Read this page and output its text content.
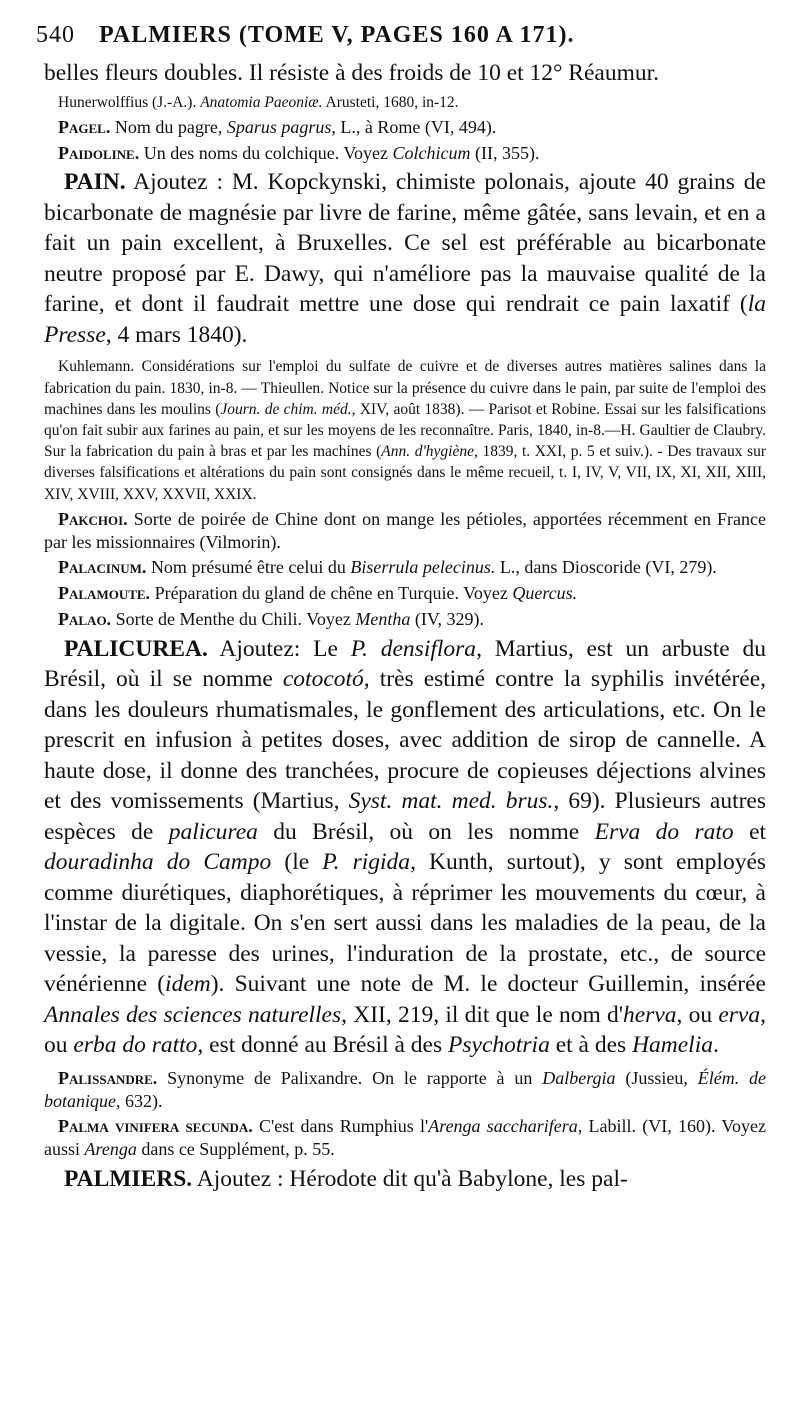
540 PALMIERS (TOME V, PAGES 160 A 171).

belles fleurs doubles. Il résiste à des froids de 10 et 12° Réaumur.

Hunerwolffius (J.-A.). Anatomia Paeoniæ. Arusteti, 1680, in-12.

Pagel. Nom du pagre, Sparus pagrus, L., à Rome (VI, 494).

Paidoline. Un des noms du colchique. Voyez Colchicum (II, 355).

PAIN. Ajoutez : M. Kopckynski, chimiste polonais, ajoute 40 grains de bicarbonate de magnésie par livre de farine, même gâtée, sans levain, et en a fait un pain excellent, à Bruxelles. Ce sel est préférable au bicarbonate neutre proposé par E. Dawy, qui n'améliore pas la mauvaise qualité de la farine, et dont il faudrait mettre une dose qui rendrait ce pain laxatif (la Presse, 4 mars 1840).

Kuhlemann. Considérations sur l'emploi du sulfate de cuivre et de diverses autres matières salines dans la fabrication du pain. 1830, in-8. — Thieullen. Notice sur la présence du cuivre dans le pain, par suite de l'emploi des machines dans les moulins (Journ. de chim. méd., XIV, août 1838). — Parisot et Robine. Essai sur les falsifications qu'on fait subir aux farines au pain, et sur les moyens de les reconnaître. Paris, 1840, in-8.—H. Gaultier de Claubry. Sur la fabrication du pain à bras et par les machines (Ann. d'hygiène, 1839, t. XXI, p. 5 et suiv.). - Des travaux sur diverses falsifications et altérations du pain sont consignés dans le même recueil, t. I, IV, V, VII, IX, XI, XII, XIII, XIV, XVIII, XXV, XXVII, XXIX.

Pakchoi. Sorte de poirée de Chine dont on mange les pétioles, apportées récemment en France par les missionnaires (Vilmorin).

Palacinum. Nom présumé être celui du Biserrula pelecinus. L., dans Dioscoride (VI, 279).

Palamoute. Préparation du gland de chêne en Turquie. Voyez Quercus.

Palao. Sorte de Menthe du Chili. Voyez Mentha (IV, 329).

PALICUREA. Ajoutez: Le P. densiflora, Martius, est un arbuste du Brésil, où il se nomme cotocotó, très estimé contre la syphilis invétérée, dans les douleurs rhumatismales, le gonflement des articulations, etc. On le prescrit en infusion à petites doses, avec addition de sirop de cannelle. A haute dose, il donne des tranchées, procure de copieuses déjections alvines et des vomissements (Martius, Syst. mat. med. brus., 69). Plusieurs autres espèces de palicurea du Brésil, où on les nomme Erva do rato et douradinha do Campo (le P. rigida, Kunth, surtout), y sont employés comme diurétiques, diaphorétiques, à réprimer les mouvements du cœur, à l'instar de la digitale. On s'en sert aussi dans les maladies de la peau, de la vessie, la paresse des urines, l'induration de la prostate, etc., de source vénérienne (idem). Suivant une note de M. le docteur Guillemin, insérée Annales des sciences naturelles, XII, 219, il dit que le nom d'herva, ou erva, ou erba do ratto, est donné au Brésil à des Psychotria et à des Hamelia.

Palissandre. Synonyme de Palixandre. On le rapporte à un Dalbergia (Jussieu, Élém. de botanique, 632).

Palma vinifera secunda. C'est dans Rumphius l'Arenga saccharifera, Labill. (VI, 160). Voyez aussi Arenga dans ce Supplément, p. 55.

PALMIERS. Ajoutez : Hérodote dit qu'à Babylone, les pal-
